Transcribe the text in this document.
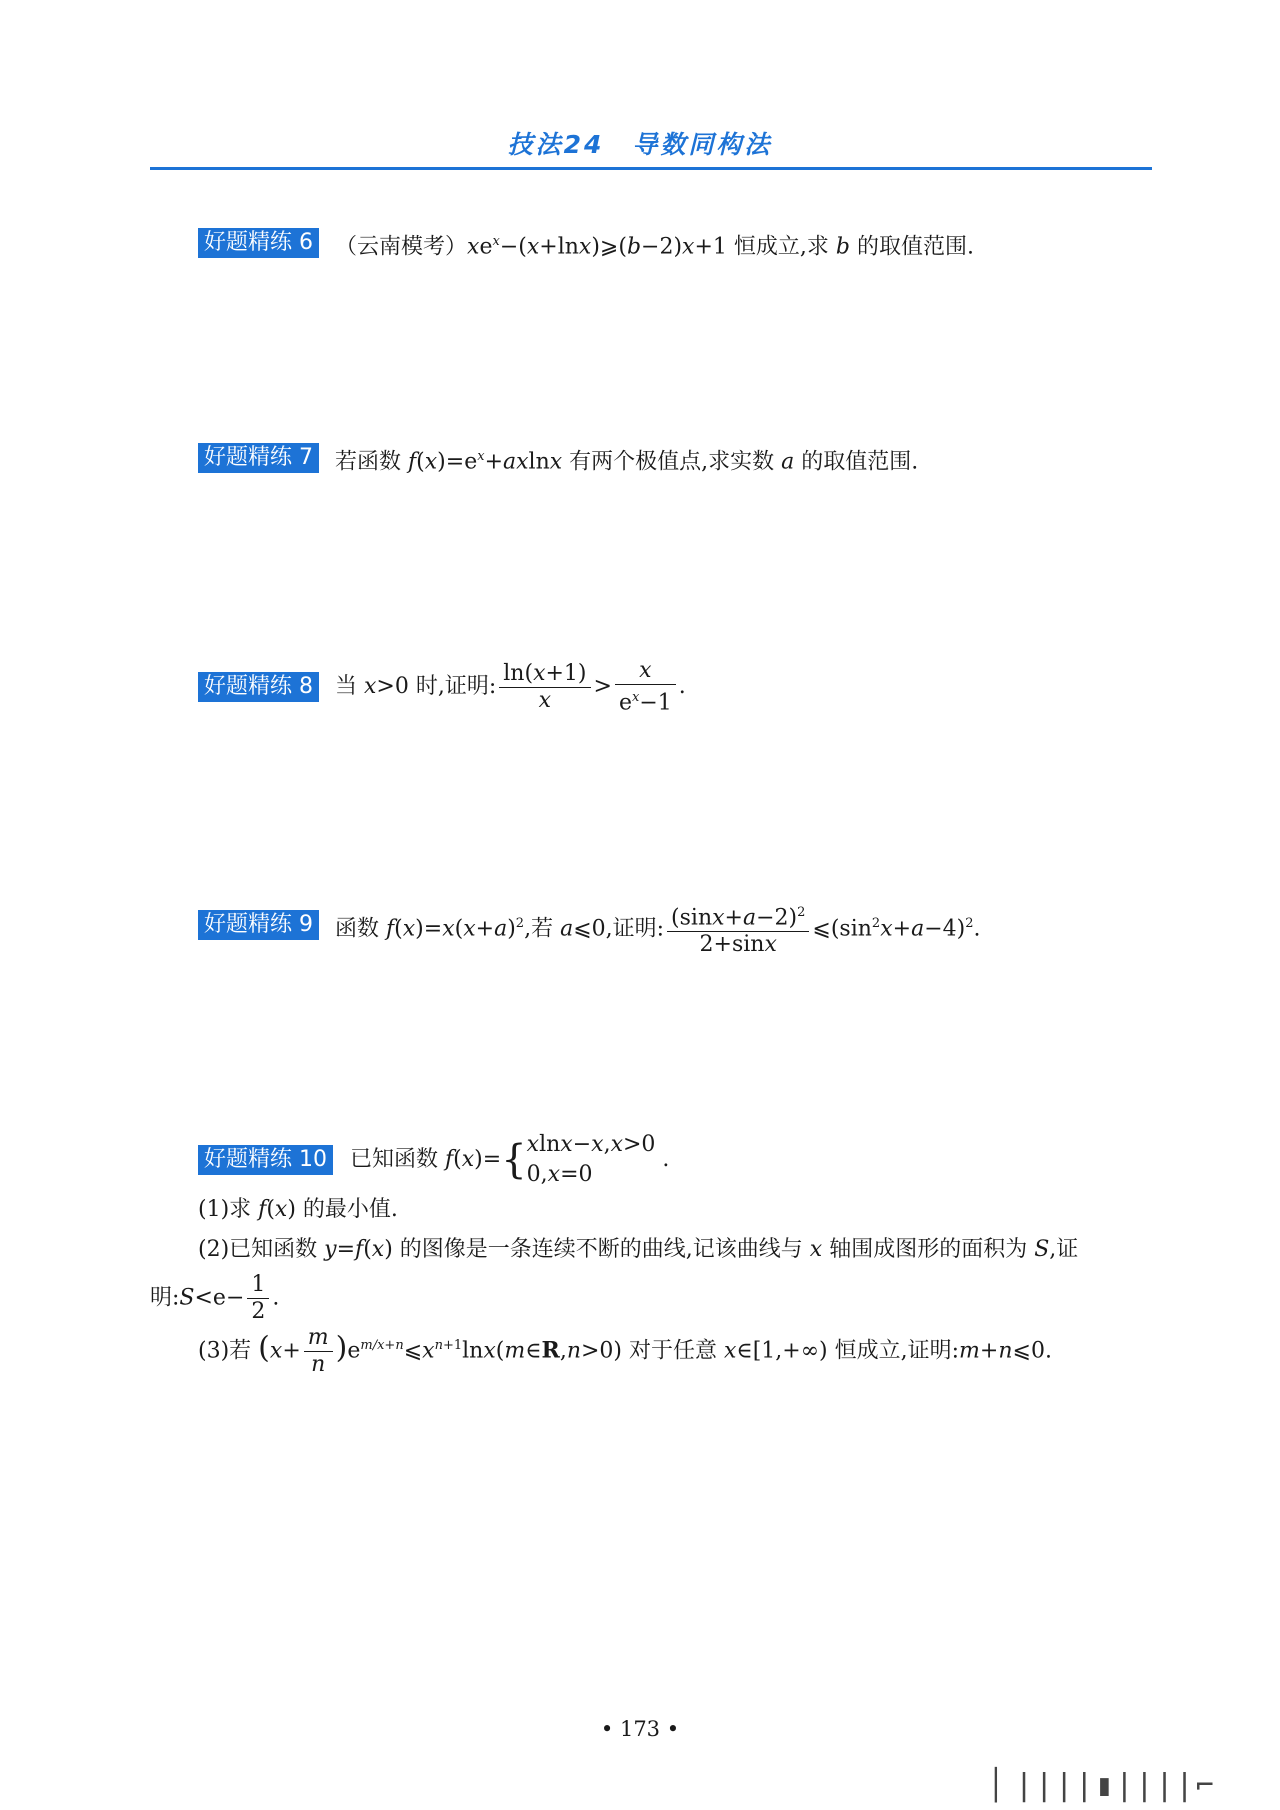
技法24　导数同构法
好题精练 6 （云南模考）$xe^x-(x+\ln x)⩾(b-2)x+1$ 恒成立,求 b 的取值范围.
好题精练 7 若函数 $f(x)=e^x+axlnx$ 有两个极值点,求实数 a 的取值范围.
好题精练 8 当 x>0 时,证明: $\frac{\ln(x+1)}{x} > \frac{x}{e^x-1}$ .
好题精练 9 函数 $f(x)=x(x+a)^2$,若 a⩽0,证明: $\frac{(\sin x+a-2)^2}{2+\sin x}$ $⩽(\sin^2x+a-4)^2$.
好题精练 10 已知函数 f(x)={ xlnx−x,x>0
0,x=0
.
(1)求 f(x) 的最小值.
(2)已知函数 y=f(x) 的图像是一条连续不断的曲线,记该曲线与 x 轴围成图形的面积为 S,证
明:S<e− $\frac{1}{2}$ .
(3)若 ($x+ \frac{m}{n}$ )$e^{m/x+n}⩽x^{n+1}\ln x(m\in R,n>0)$ 对于任意 x∈[1,+∞) 恒成立,证明:m+n⩽0.
• 173 •
▏||||▮||||⌐
